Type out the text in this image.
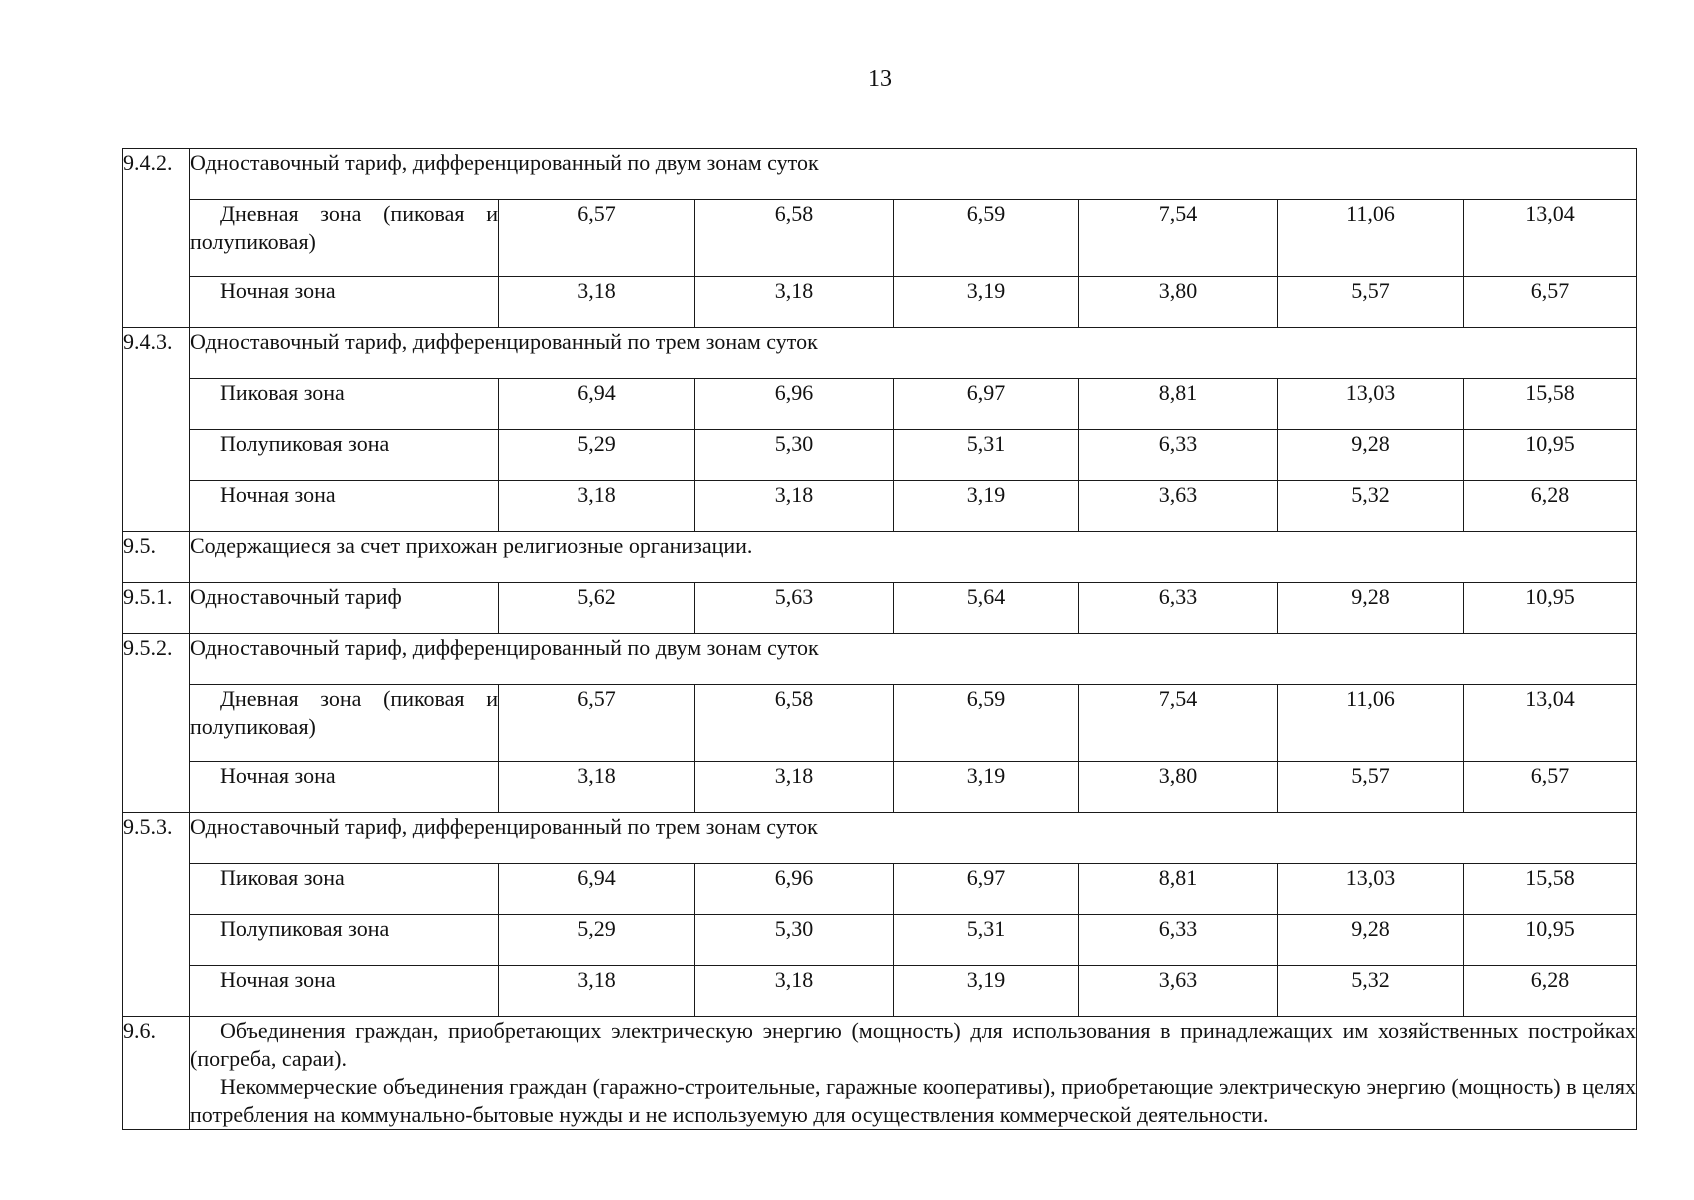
13
9.4.2.	Одноставочный тариф, дифференцированный по двум зонам суток						

	Дневная зона (пиковая и полупиковая)	6,57	6,58	6,59	7,54	11,06	13,04
	Ночная зона	3,18	3,18	3,19	3,80	5,57	6,57
9.4.3.	Одноставочный тариф, дифференцированный по трем зонам суток						
	Пиковая зона	6,94	6,96	6,97	8,81	13,03	15,58
	Полупиковая зона	5,29	5,30	5,31	6,33	9,28	10,95
	Ночная зона	3,18	3,18	3,19	3,63	5,32	6,28
9.5.	Содержащиеся за счет прихожан религиозные организации.						
9.5.1.	Одноставочный тариф	5,62	5,63	5,64	6,33	9,28	10,95
9.5.2.	Одноставочный тариф, дифференцированный по двум зонам суток						

	Дневная зона (пиковая и полупиковая)	6,57	6,58	6,59	7,54	11,06	13,04
	Ночная зона	3,18	3,18	3,19	3,80	5,57	6,57
9.5.3.	Одноставочный тариф, дифференцированный по трем зонам суток						
	Пиковая зона	6,94	6,96	6,97	8,81	13,03	15,58
	Полупиковая зона	5,29	5,30	5,31	6,33	9,28	10,95
	Ночная зона	3,18	3,18	3,19	3,63	5,32	6,28
9.6.	Объединения граждан, приобретающих электрическую энергию (мощность) для использования в принадлежащих им хозяйственных постройках (погреба, сараи).

Некоммерческие объединения граждан (гаражно-строительные, гаражные кооперативы), приобретающие электрическую энергию (мощность) в целях потребления на коммунально-бытовые нужды и не используемую для осуществления коммерческой деятельности.						
